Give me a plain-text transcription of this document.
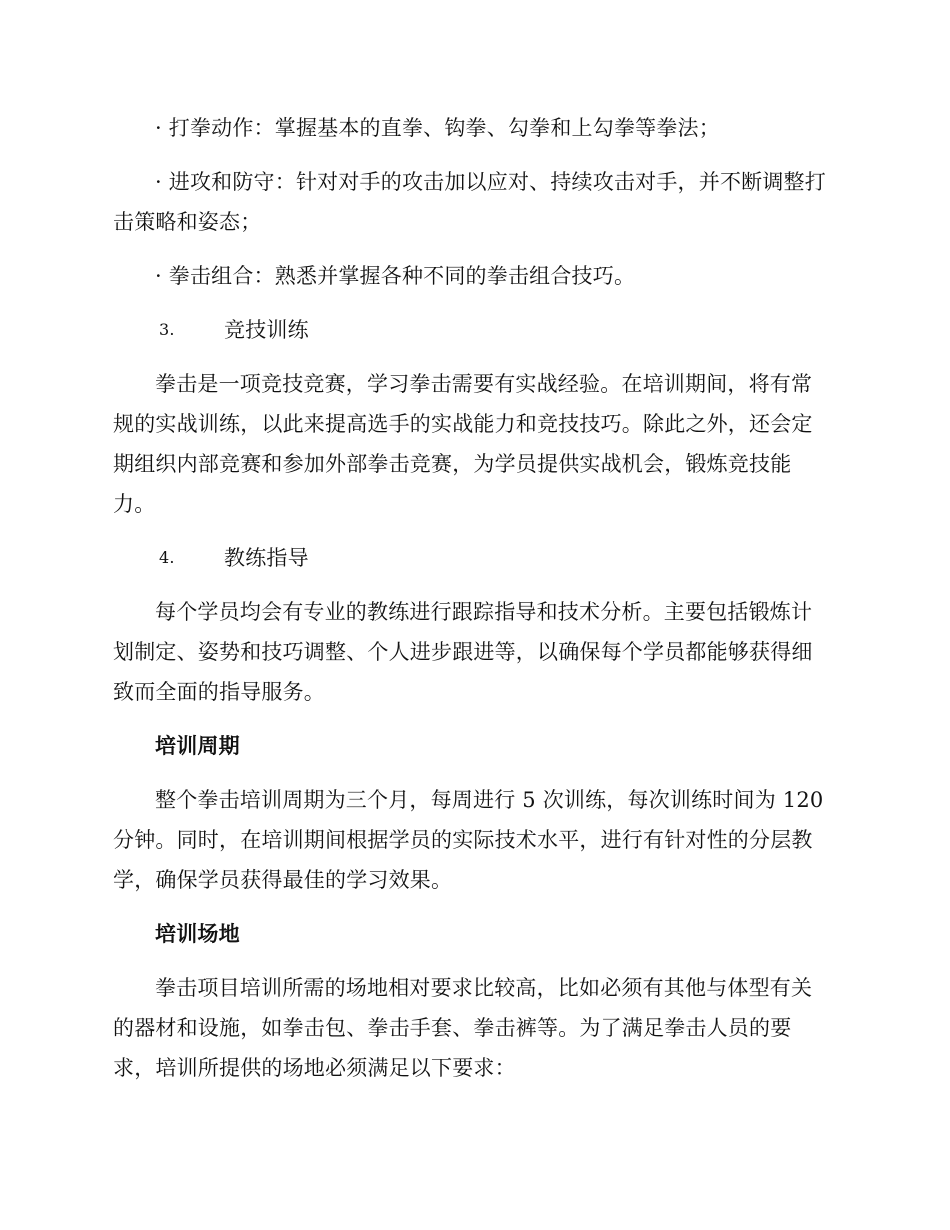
· 打拳动作：掌握基本的直拳、钩拳、勾拳和上勾拳等拳法；

· 进攻和防守：针对对手的攻击加以应对、持续攻击对手，并不断调整打击策略和姿态；

· 拳击组合：熟悉并掌握各种不同的拳击组合技巧。

3. 竞技训练

拳击是一项竞技竞赛，学习拳击需要有实战经验。在培训期间，将有常规的实战训练，以此来提高选手的实战能力和竞技技巧。除此之外，还会定期组织内部竞赛和参加外部拳击竞赛，为学员提供实战机会，锻炼竞技能力。

4. 教练指导

每个学员均会有专业的教练进行跟踪指导和技术分析。主要包括锻炼计划制定、姿势和技巧调整、个人进步跟进等，以确保每个学员都能够获得细致而全面的指导服务。

培训周期

整个拳击培训周期为三个月，每周进行 5 次训练，每次训练时间为 120 分钟。同时，在培训期间根据学员的实际技术水平，进行有针对性的分层教学，确保学员获得最佳的学习效果。

培训场地

拳击项目培训所需的场地相对要求比较高，比如必须有其他与体型有关的器材和设施，如拳击包、拳击手套、拳击裤等。为了满足拳击人员的要求，培训所提供的场地必须满足以下要求：
